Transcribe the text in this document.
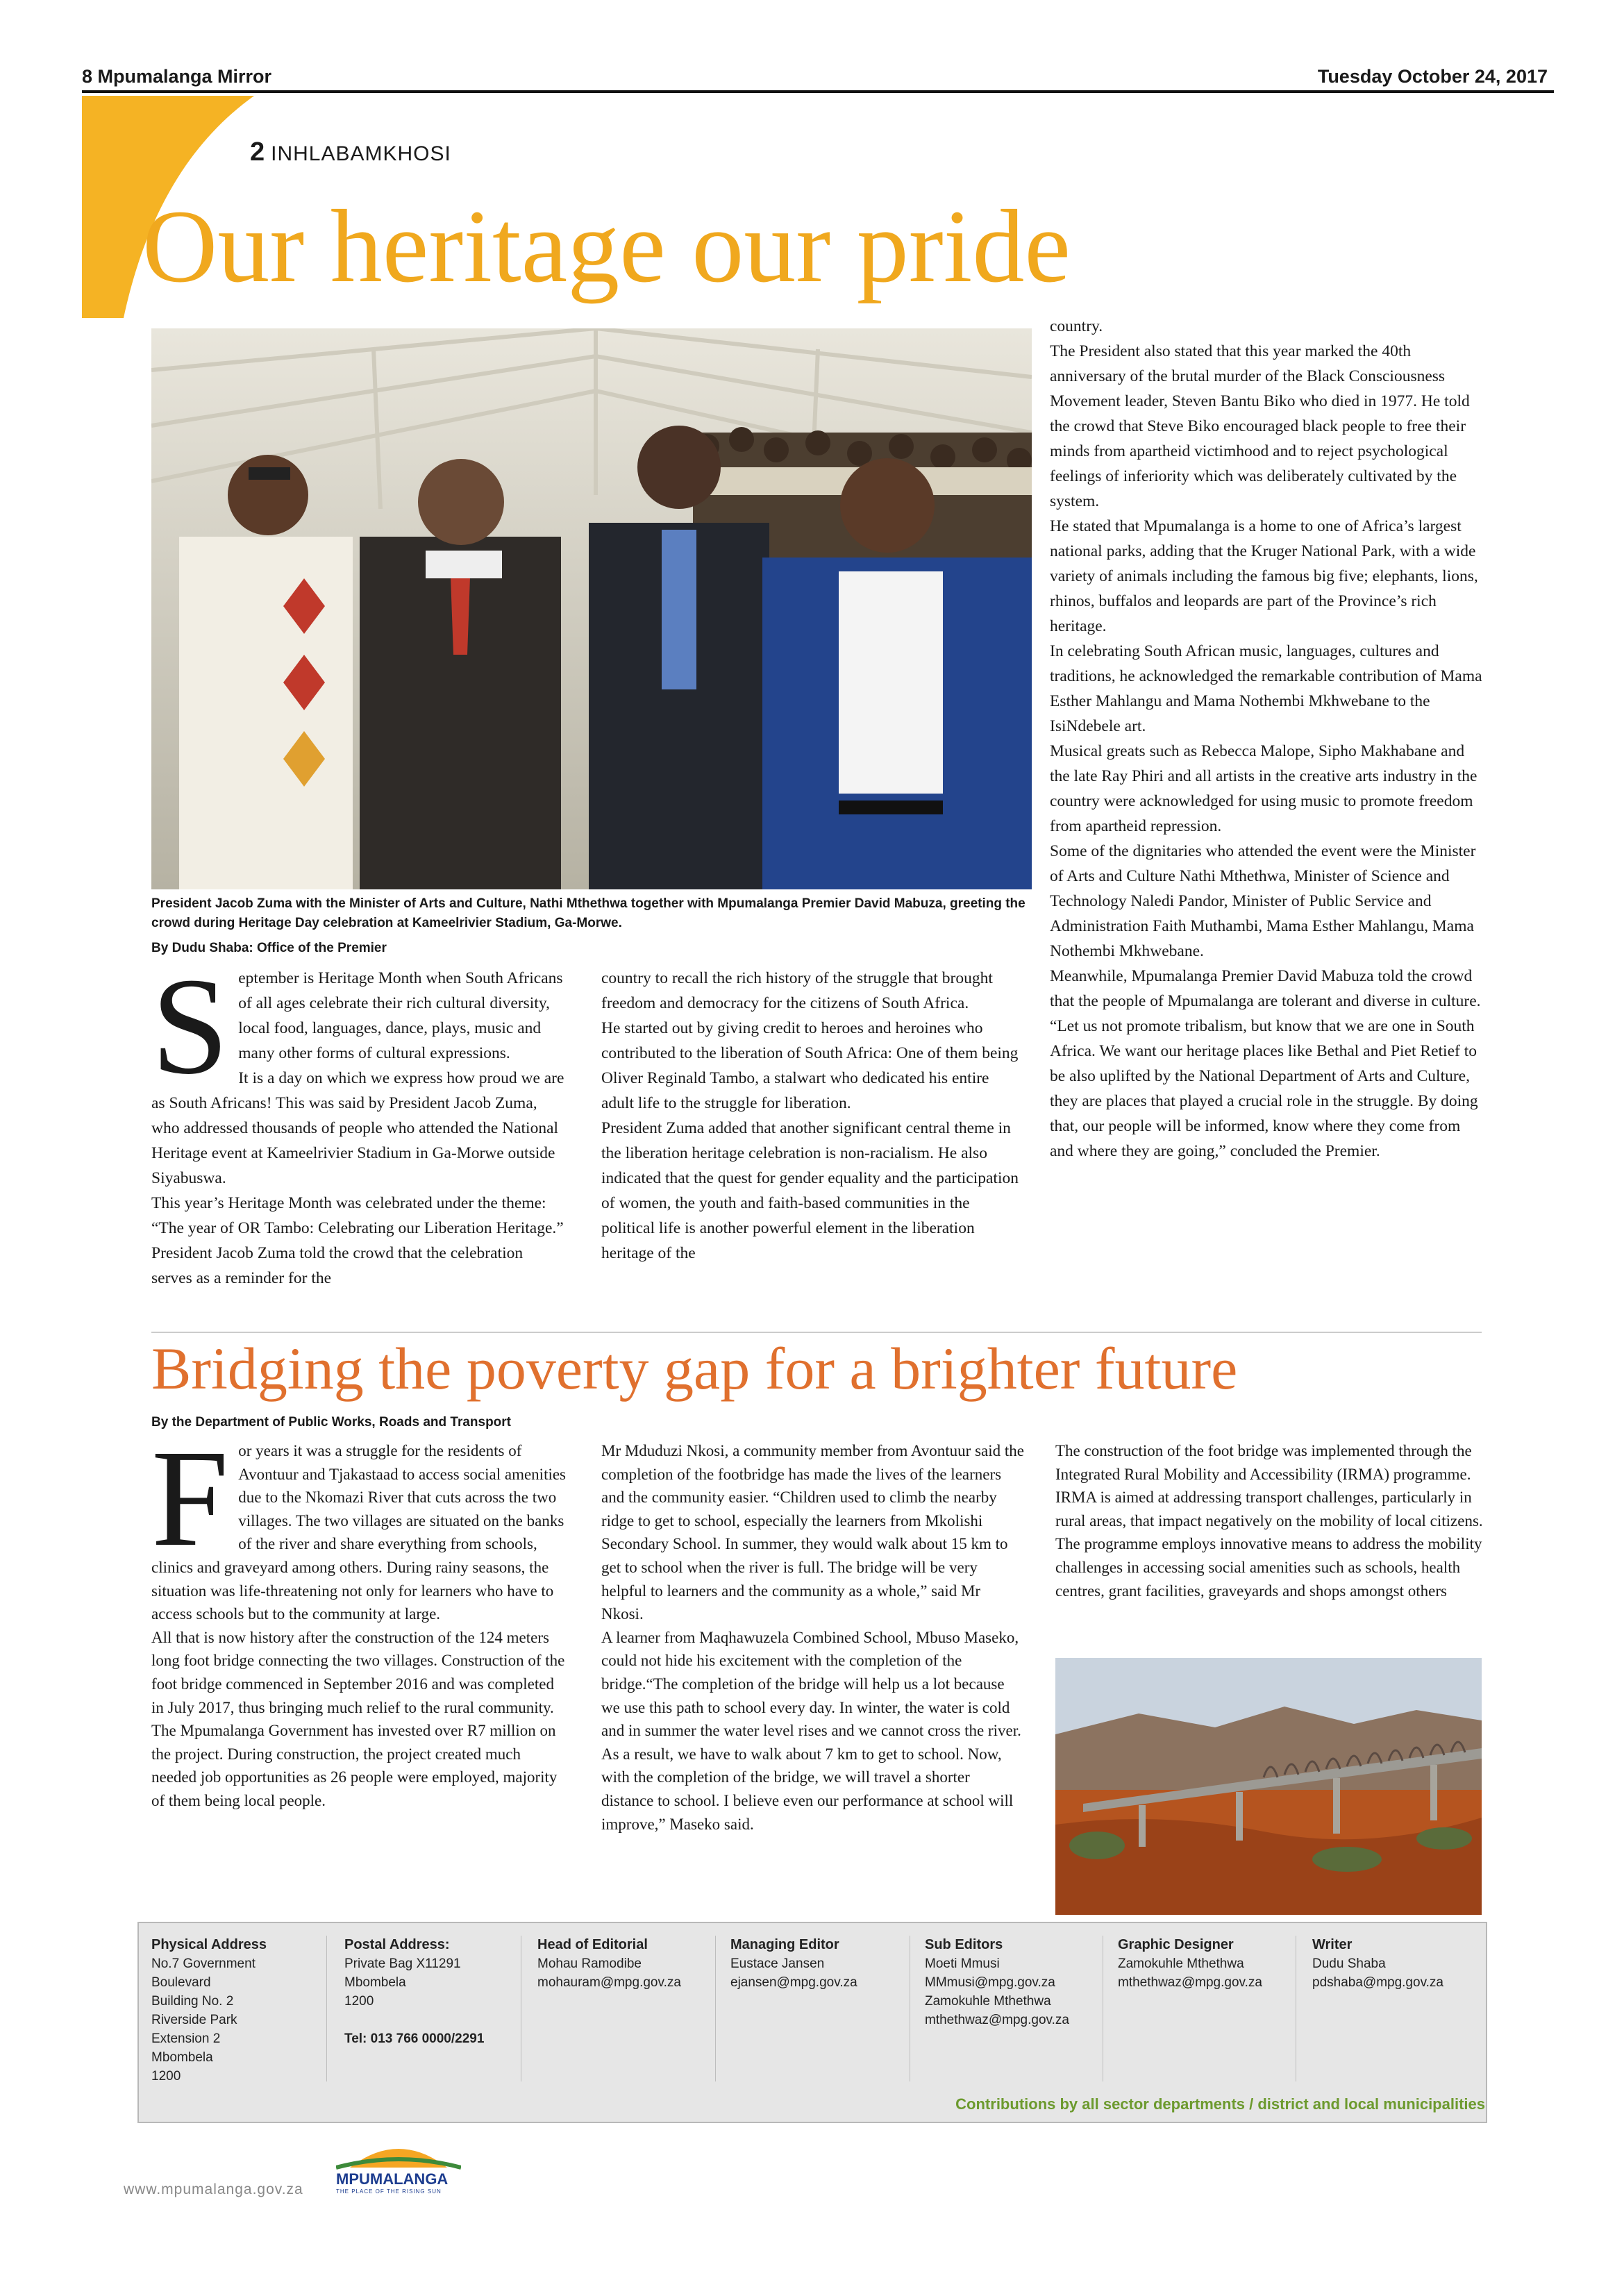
8 Mpumalanga Mirror	Tuesday October 24, 2017
2 INHLABAMKHOSI
Our heritage our pride
President Jacob Zuma with the Minister of Arts and Culture, Nathi Mthethwa together with Mpumalanga Premier David Mabuza, greeting the crowd during Heritage Day celebration at Kameelrivier Stadium, Ga-Morwe.
By Dudu Shaba: Office of the Premier
S eptember is Heritage Month when South Africans of all ages celebrate their rich cultural diversity, local food, languages, dance, plays, music and many other forms of cultural expressions.

It is a day on which we express how proud we are as South Africans! This was said by President Jacob Zuma, who addressed thousands of people who attended the National Heritage event at Kameelrivier Stadium in Ga-Morwe outside Siyabuswa.

This year’s Heritage Month was celebrated under the theme: “The year of OR Tambo: Celebrating our Liberation Heritage.” President Jacob Zuma told the crowd that the celebration serves as a reminder for the

country to recall the rich history of the struggle that brought freedom and democracy for the citizens of South Africa.

He started out by giving credit to heroes and heroines who contributed to the liberation of South Africa: One of them being Oliver Reginald Tambo, a stalwart who dedicated his entire adult life to the struggle for liberation.

President Zuma added that another significant central theme in the liberation heritage celebration is non-racialism. He also indicated that the quest for gender equality and the participation of women, the youth and faith-based communities in the political life is another powerful element in the liberation heritage of the

country.

The President also stated that this year marked the 40th anniversary of the brutal murder of the Black Consciousness Movement leader, Steven Bantu Biko who died in 1977. He told the crowd that Steve Biko encouraged black people to free their minds from apartheid victimhood and to reject psychological feelings of inferiority which was deliberately cultivated by the system.

He stated that Mpumalanga is a home to one of Africa’s largest national parks, adding that the Kruger National Park, with a wide variety of animals including the famous big five; elephants, lions, rhinos, buffalos and leopards are part of the Province’s rich heritage.

In celebrating South African music, languages, cultures and traditions, he acknowledged the remarkable contribution of Mama Esther Mahlangu and Mama Nothembi Mkhwebane to the IsiNdebele art.

Musical greats such as Rebecca Malope, Sipho Makhabane and the late Ray Phiri and all artists in the creative arts industry in the country were acknowledged for using music to promote freedom from apartheid repression.

Some of the dignitaries who attended the event were the Minister of Arts and Culture Nathi Mthethwa, Minister of Science and Technology Naledi Pandor, Minister of Public Service and Administration Faith Muthambi, Mama Esther Mahlangu, Mama Nothembi Mkhwebane.

Meanwhile, Mpumalanga Premier David Mabuza told the crowd that the people of Mpumalanga are tolerant and diverse in culture. “Let us not promote tribalism, but know that we are one in South Africa. We want our heritage places like Bethal and Piet Retief to be also uplifted by the National Department of Arts and Culture, they are places that played a crucial role in the struggle. By doing that, our people will be informed, know where they come from and where they are going,” concluded the Premier.

Bridging the poverty gap for a brighter future
By the Department of Public Works, Roads and Transport
F or years it was a struggle for the residents of Avontuur and Tjakastaad to access social amenities due to the Nkomazi River that cuts across the two villages. The two villages are situated on the banks of the river and share everything from schools, clinics and graveyard among others. During rainy seasons, the situation was life-threatening not only for learners who have to access schools but to the community at large.

All that is now history after the construction of the 124 meters long foot bridge connecting the two villages. Construction of the foot bridge commenced in September 2016 and was completed in July 2017, thus bringing much relief to the rural community.

The Mpumalanga Government has invested over R7 million on the project. During construction, the project created much needed job opportunities as 26 people were employed, majority of them being local people.

Mr Mduduzi Nkosi, a community member from Avontuur said the completion of the footbridge has made the lives of the learners and the community easier. “Children used to climb the nearby ridge to get to school, especially the learners from Mkolishi Secondary School. In summer, they would walk about 15 km to get to school when the river is full. The bridge will be very helpful to learners and the community as a whole,” said Mr Nkosi.

A learner from Maqhawuzela Combined School, Mbuso Maseko, could not hide his excitement with the completion of the bridge.“The completion of the bridge will help us a lot because we use this path to school every day. In winter, the water is cold and in summer the water level rises and we cannot cross the river. As a result, we have to walk about 7 km to get to school. Now, with the completion of the bridge, we will travel a shorter distance to school. I believe even our performance at school will improve,” Maseko said.

The construction of the foot bridge was implemented through the Integrated Rural Mobility and Accessibility (IRMA) programme. IRMA is aimed at addressing transport challenges, particularly in rural areas, that impact negatively on the mobility of local citizens. The programme employs innovative means to address the mobility challenges in accessing social amenities such as schools, health centres, grant facilities, graveyards and shops amongst others

Physical Address
No.7 Government
Boulevard
Building No. 2
Riverside Park
Extension 2
Mbombela
1200
Postal Address:
Private Bag X11291
Mbombela
1200
Tel: 013 766 0000/2291
Head of Editorial
Mohau Ramodibe
mohauram@mpg.gov.za
Managing Editor
Eustace Jansen
ejansen@mpg.gov.za
Sub Editors
Moeti Mmusi
MMmusi@mpg.gov.za
Zamokuhle Mthethwa
mthethwaz@mpg.gov.za
Graphic Designer
Zamokuhle Mthethwa
mthethwaz@mpg.gov.za
Writer
Dudu Shaba
pdshaba@mpg.gov.za
Contributions by all sector departments / district and local municipalities
www.mpumalanga.gov.za
MPUMALANGA
THE PLACE OF THE RISING SUN
